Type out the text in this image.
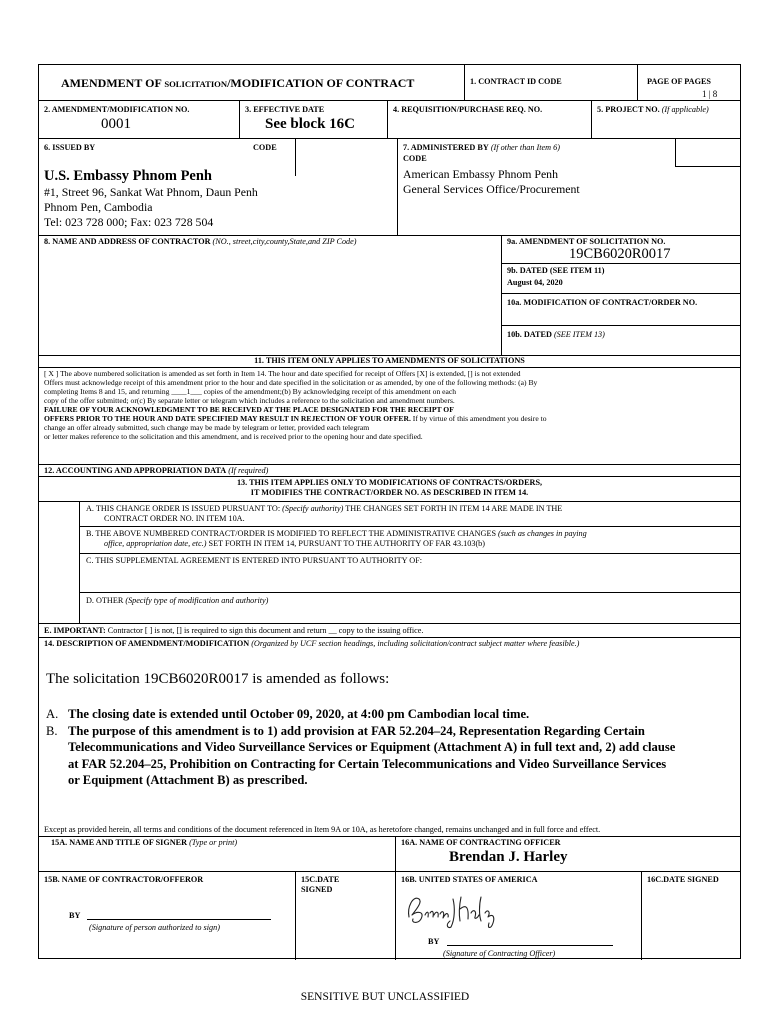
AMENDMENT OF SOLICITATION/MODIFICATION OF CONTRACT	1. CONTRACT ID CODE	PAGE OF PAGES
1 | 8
2. AMENDMENT/MODIFICATION NO.
0001
3. EFFECTIVE DATE
See block 16C
4. REQUISITION/PURCHASE REQ. NO.	5. PROJECT NO. (If applicable)
6. ISSUED BY	CODE
U.S. Embassy Phnom Penh
#1, Street 96, Sankat Wat Phnom, Daun Penh
Phnom Pen, Cambodia
Tel: 023 728 000; Fax: 023 728 504
7. ADMINISTERED BY (If other than Item 6)
CODE
American Embassy Phnom Penh
General Services Office/Procurement
8. NAME AND ADDRESS OF CONTRACTOR (NO., street,city,county,State,and ZIP Code)	9a. AMENDMENT OF SOLICITATION NO.
19CB6020R0017
9b. DATED (SEE ITEM 11)
August 04, 2020
10a. MODIFICATION OF CONTRACT/ORDER NO.
10b. DATED (SEE ITEM 13)
11. THIS ITEM ONLY APPLIES TO AMENDMENTS OF SOLICITATIONS
[ X ] The above numbered solicitation is amended as set forth in Item 14. The hour and date specified for receipt of Offers [X] is extended, [] is not extended
Offers must acknowledge receipt of this amendment prior to the hour and date specified in the solicitation or as amended, by one of the following methods: (a) By
completing Items 8 and 15, and returning ____1___ copies of the amendment;(b) By acknowledging receipt of this amendment on each
copy of the offer submitted; or(c) By separate letter or telegram which includes a reference to the solicitation and amendment numbers.
FAILURE OF YOUR ACKNOWLEDGMENT TO BE RECEIVED AT THE PLACE DESIGNATED FOR THE RECEIPT OF
OFFERS PRIOR TO THE HOUR AND DATE SPECIFIED MAY RESULT IN REJECTION OF YOUR OFFER. If by virtue of this amendment you desire to
change an offer already submitted, such change may be made by telegram or letter, provided each telegram
or letter makes reference to the solicitation and this amendment, and is received prior to the opening hour and date specified.
12. ACCOUNTING AND APPROPRIATION DATA (If required)
13. THIS ITEM APPLIES ONLY TO MODIFICATIONS OF CONTRACTS/ORDERS,
IT MODIFIES THE CONTRACT/ORDER NO. AS DESCRIBED IN ITEM 14.
A. THIS CHANGE ORDER IS ISSUED PURSUANT TO: (Specify authority) THE CHANGES SET FORTH IN ITEM 14 ARE MADE IN THE
CONTRACT ORDER NO. IN ITEM 10A.
B. THE ABOVE NUMBERED CONTRACT/ORDER IS MODIFIED TO REFLECT THE ADMINISTRATIVE CHANGES (such as changes in paying
office, appropriation date, etc.) SET FORTH IN ITEM 14, PURSUANT TO THE AUTHORITY OF FAR 43.103(b)
C. THIS SUPPLEMENTAL AGREEMENT IS ENTERED INTO PURSUANT TO AUTHORITY OF:
D. OTHER (Specify type of modification and authority)
E. IMPORTANT: Contractor [ ] is not, [] is required to sign this document and return __ copy to the issuing office.
14. DESCRIPTION OF AMENDMENT/MODIFICATION (Organized by UCF section headings, including solicitation/contract subject matter where feasible.)
The solicitation 19CB6020R0017 is amended as follows:
A. The closing date is extended until October 09, 2020, at 4:00 pm Cambodian local time.
B. The purpose of this amendment is to 1) add provision at FAR 52.204–24, Representation Regarding Certain
Telecommunications and Video Surveillance Services or Equipment (Attachment A) in full text and, 2) add clause
at FAR 52.204–25, Prohibition on Contracting for Certain Telecommunications and Video Surveillance Services
or Equipment (Attachment B) as prescribed.
Except as provided herein, all terms and conditions of the document referenced in Item 9A or 10A, as heretofore changed, remains unchanged and in full force and effect.
15A. NAME AND TITLE OF SIGNER (Type or print)	16A. NAME OF CONTRACTING OFFICER
Brendan J. Harley
15B. NAME OF CONTRACTOR/OFFEROR	15C.DATE
SIGNED
16B. UNITED STATES OF AMERICA	16C.DATE SIGNED
BY
(Signature of person authorized to sign)
BY
(Signature of Contracting Officer)
SENSITIVE BUT UNCLASSIFIED
